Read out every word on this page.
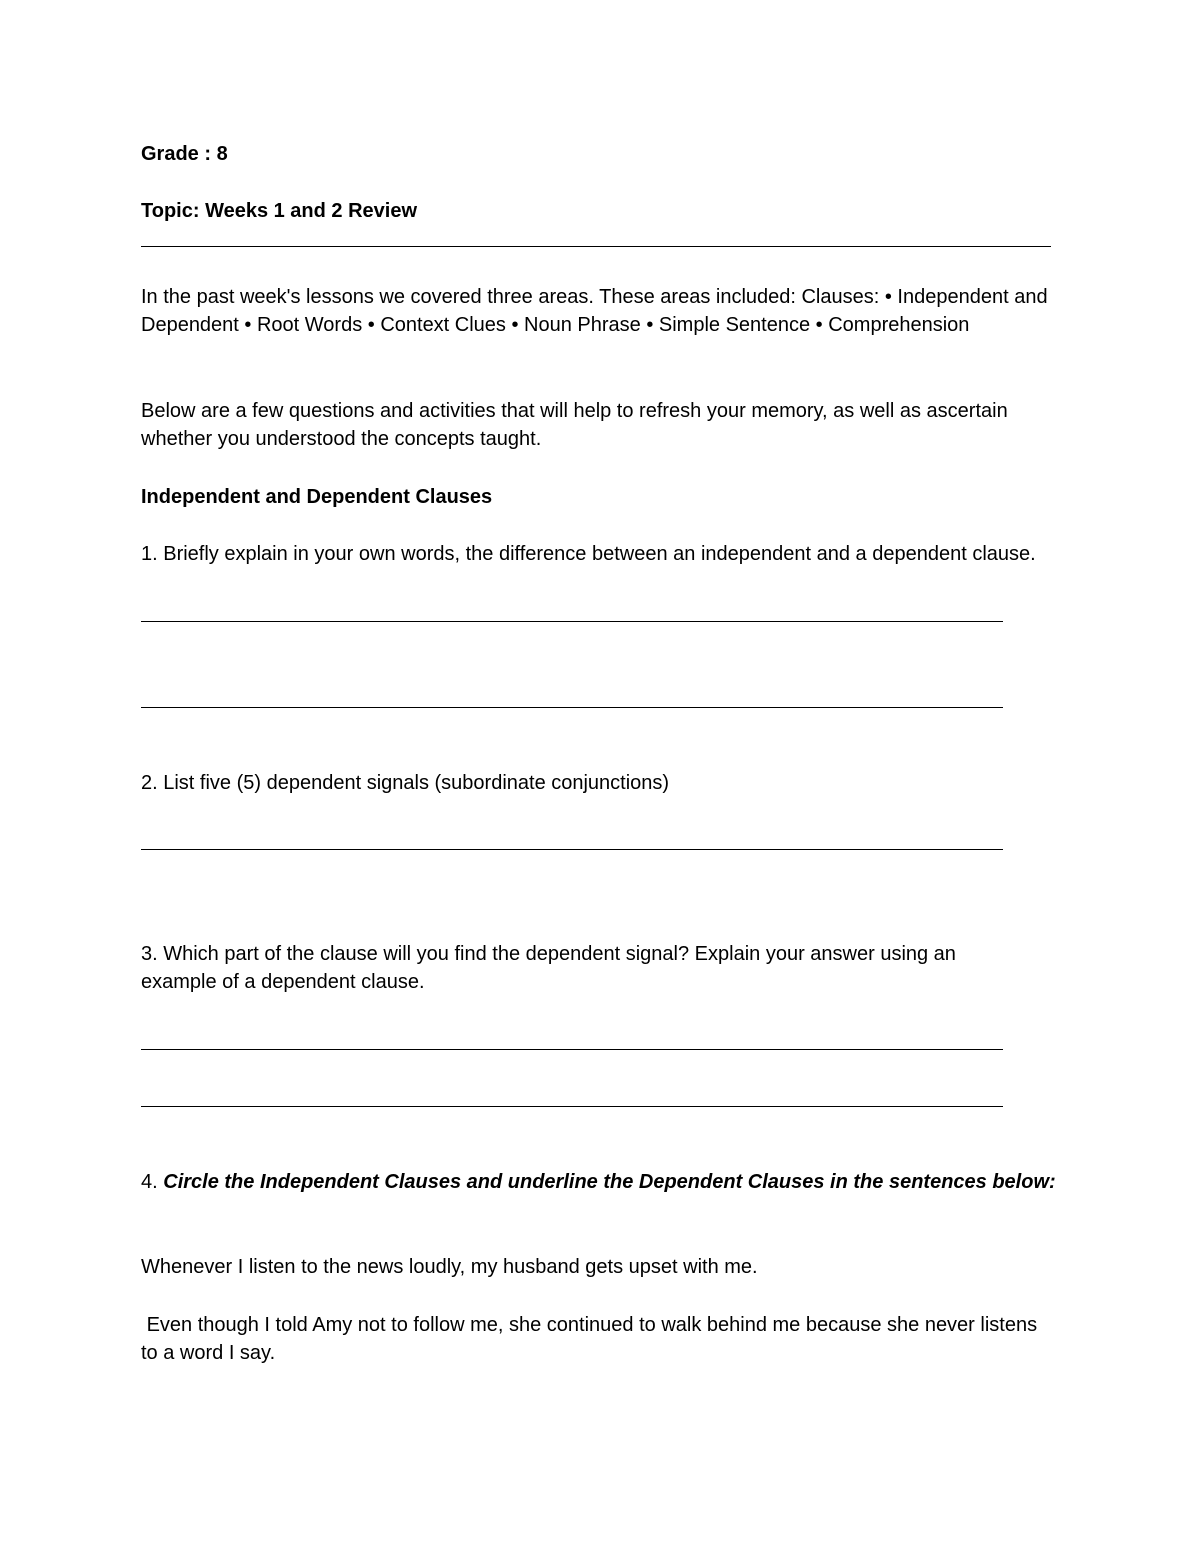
Grade : 8

Topic: Weeks 1 and 2 Review

In the past week's lessons we covered three areas. These areas included: Clauses: • Independent and Dependent • Root Words • Context Clues • Noun Phrase • Simple Sentence • Comprehension

Below are a few questions and activities that will help to refresh your memory, as well as ascertain whether you understood the concepts taught.

Independent and Dependent Clauses

1. Briefly explain in your own words, the difference between an independent and a dependent clause.

2. List five (5) dependent signals (subordinate conjunctions)

3. Which part of the clause will you find the dependent signal? Explain your answer using an example of a dependent clause.

4. Circle the Independent Clauses and underline the Dependent Clauses in the sentences below:

Whenever I listen to the news loudly, my husband gets upset with me.

Even though I told Amy not to follow me, she continued to walk behind me because she never listens to a word I say.
